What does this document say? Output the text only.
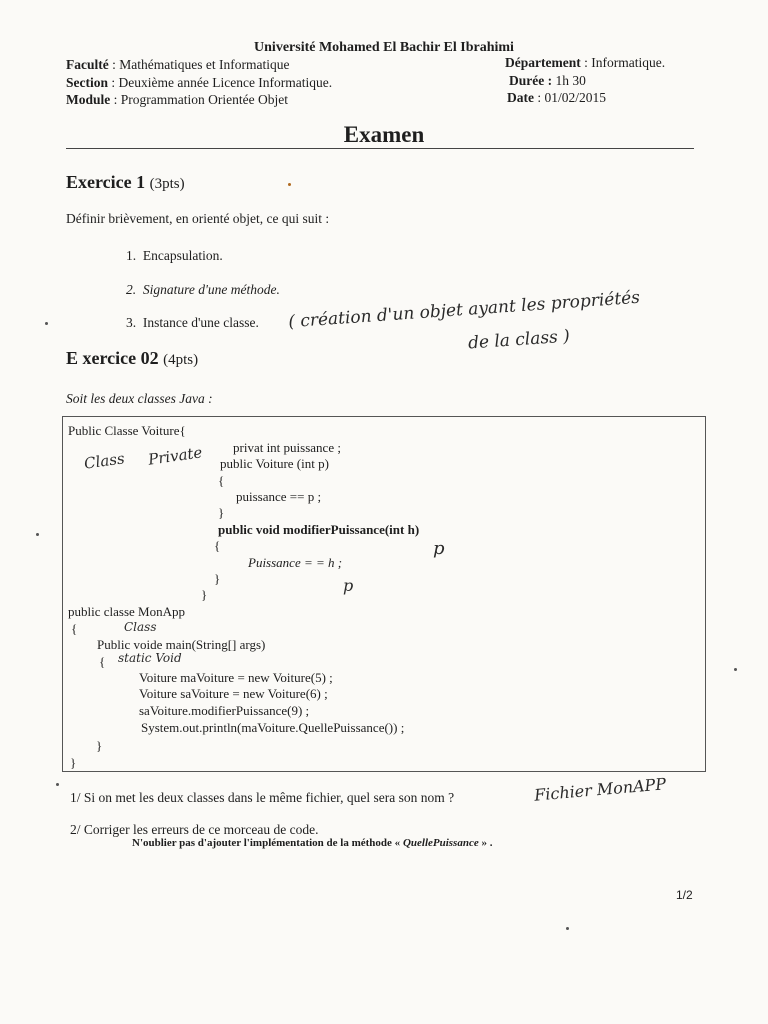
Université Mohamed El Bachir El Ibrahimi
Faculté : Mathématiques et Informatique
Section : Deuxième année Licence Informatique.
Module : Programmation Orientée Objet
Département : Informatique.
Durée : 1h 30
Date : 01/02/2015
Examen
Exercice 1 (3pts)
Définir brièvement, en orienté objet, ce qui suit :
1. Encapsulation.
2. Signature d'une méthode.
3. Instance d'une classe. ( création d'un objet ayant les propriétés
de la class )
E xercice 02 (4pts)
Soit les deux classes Java :
Public Classe Voiture{
privat int puissance ;
public Voiture (int p)
{
puissance == p ;
}
public void modifierPuissance(int h)
{
Puissance = = h ;
}
}
public classe MonApp
{
Public voide main(String[] args)
{
Voiture maVoiture = new Voiture(5) ;
Voiture saVoiture = new Voiture(6) ;
saVoiture.modifierPuissance(9) ;
System.out.println(maVoiture.QuellePuissance()) ;
}
}
Class Private
p
p
Class
static Void
1/ Si on met les deux classes dans le même fichier, quel sera son nom ?	Fichier MonAPP
2/ Corriger les erreurs de ce morceau de code.
N'oublier pas d'ajouter l'implémentation de la méthode « QuellePuissance » .
1/2
